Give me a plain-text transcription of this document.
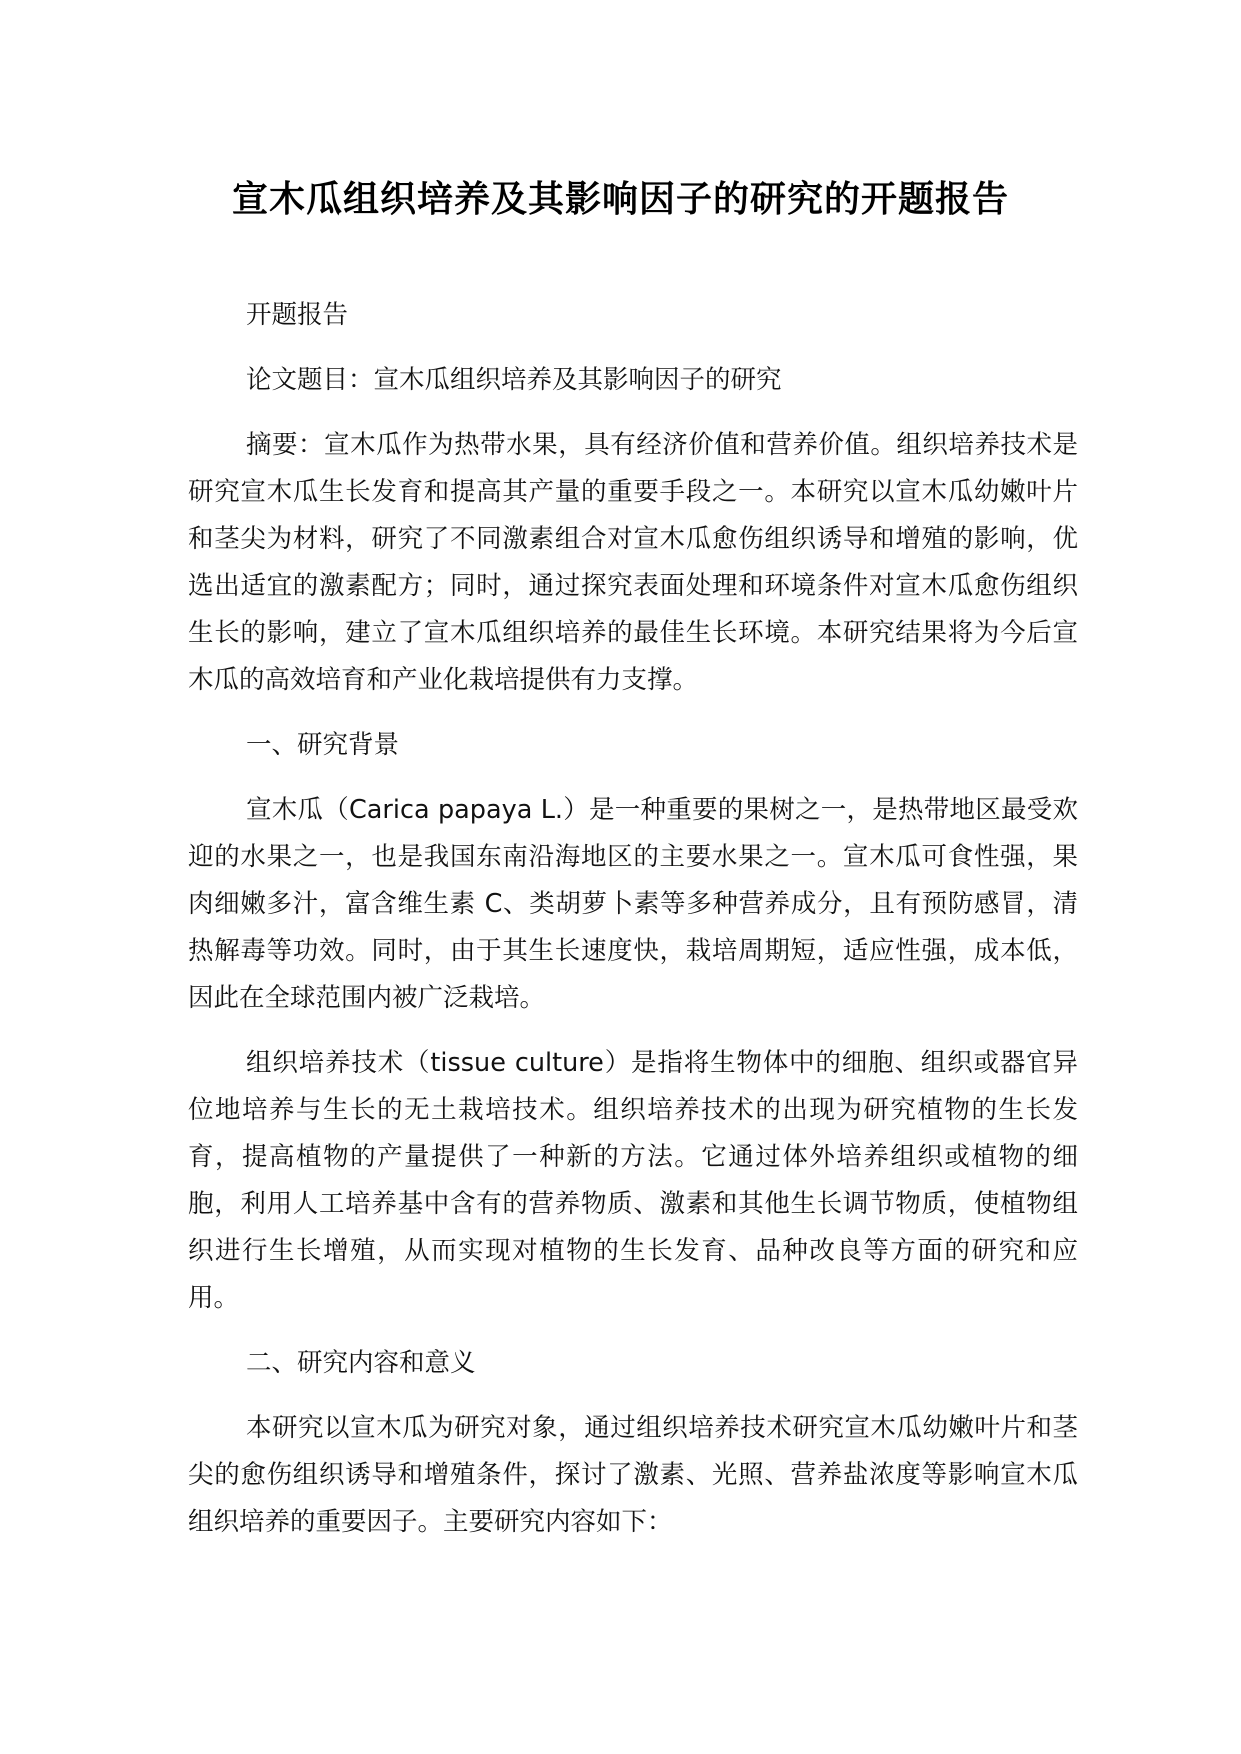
宣木瓜组织培养及其影响因子的研究的开题报告

开题报告

论文题目：宣木瓜组织培养及其影响因子的研究

摘要：宣木瓜作为热带水果，具有经济价值和营养价值。组织培养技术是研究宣木瓜生长发育和提高其产量的重要手段之一。本研究以宣木瓜幼嫩叶片和茎尖为材料，研究了不同激素组合对宣木瓜愈伤组织诱导和增殖的影响，优选出适宜的激素配方；同时，通过探究表面处理和环境条件对宣木瓜愈伤组织生长的影响，建立了宣木瓜组织培养的最佳生长环境。本研究结果将为今后宣木瓜的高效培育和产业化栽培提供有力支撑。

一、研究背景

宣木瓜（Carica papaya L.）是一种重要的果树之一，是热带地区最受欢迎的水果之一，也是我国东南沿海地区的主要水果之一。宣木瓜可食性强，果肉细嫩多汁，富含维生素 C、类胡萝卜素等多种营养成分，且有预防感冒，清热解毒等功效。同时，由于其生长速度快，栽培周期短，适应性强，成本低，因此在全球范围内被广泛栽培。

组织培养技术（tissue culture）是指将生物体中的细胞、组织或器官异位地培养与生长的无土栽培技术。组织培养技术的出现为研究植物的生长发育，提高植物的产量提供了一种新的方法。它通过体外培养组织或植物的细胞，利用人工培养基中含有的营养物质、激素和其他生长调节物质，使植物组织进行生长增殖，从而实现对植物的生长发育、品种改良等方面的研究和应用。

二、研究内容和意义

本研究以宣木瓜为研究对象，通过组织培养技术研究宣木瓜幼嫩叶片和茎尖的愈伤组织诱导和增殖条件，探讨了激素、光照、营养盐浓度等影响宣木瓜组织培养的重要因子。主要研究内容如下：
